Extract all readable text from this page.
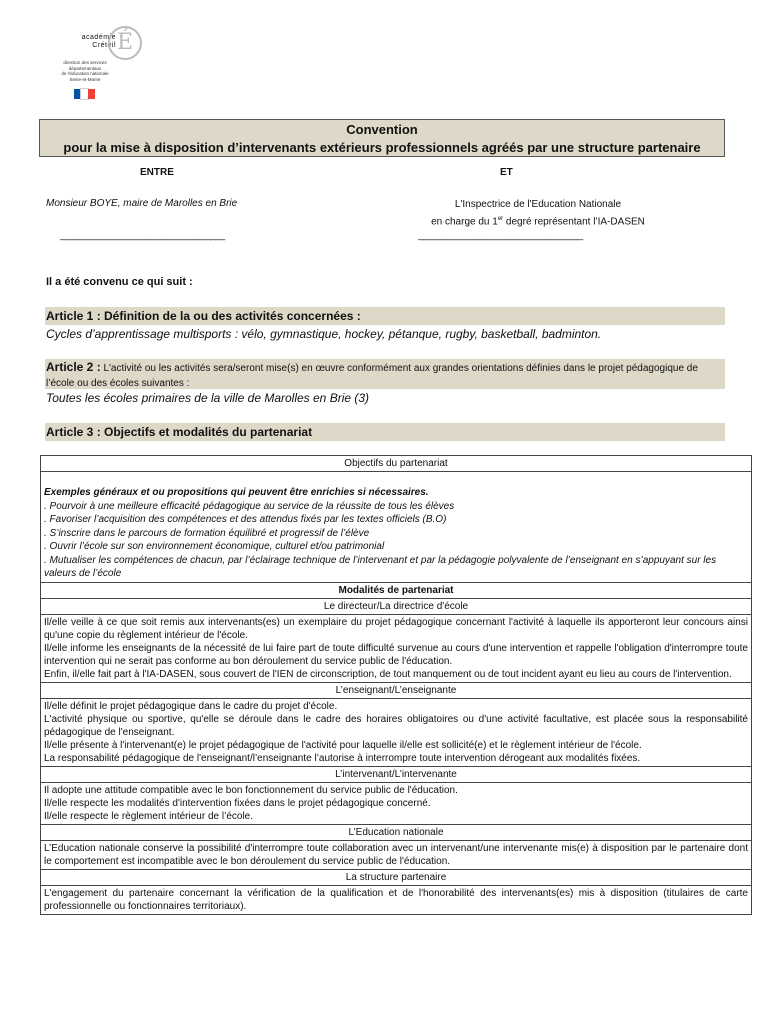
académie
Créteil É
direction des services
départementaux
de l'éducation nationale
Seine-et-Marne
Convention
pour la mise à disposition d’intervenants extérieurs professionnels agréés par une structure partenaire
ENTRE	ET
Monsieur BOYE, maire de Marolles en Brie	L'Inspectrice de l'Education Nationale
en charge du 1er degré représentant l’IA-DASEN
____________________________________	____________________________________
Il a été convenu ce qui suit :
Article 1 : Définition de la ou des activités concernées :
Cycles d’apprentissage multisports : vélo, gymnastique, hockey, pétanque, rugby, basketball, badminton.
Article 2 : L'activité ou les activités sera/seront mise(s) en œuvre conformément aux grandes orientations définies dans le projet pédagogique de l’école ou des écoles suivantes :
Toutes les écoles primaires de la ville de Marolles en Brie (3)
Article 3 : Objectifs et modalités du partenariat
Objectifs du partenariat

Exemples généraux et ou propositions qui peuvent être enrichies si nécessaires.
. Pourvoir à une meilleure efficacité pédagogique au service de la réussite de tous les élèves
. Favoriser l’acquisition des compétences et des attendus fixés par les textes officiels (B.O)
. S’inscrire dans le parcours de formation équilibré et progressif de l’élève
. Ouvrir l’école sur son environnement économique, culturel et/ou patrimonial
. Mutualiser les compétences de chacun, par l’éclairage technique de l’intervenant et par la pédagogie polyvalente de l’enseignant en s’appuyant sur les valeurs de l’école

Modalités de partenariat
Le directeur/La directrice d'école

Il/elle veille à ce que soit remis aux intervenants(es) un exemplaire du projet pédagogique concernant l'activité à laquelle ils apporteront leur concours ainsi qu'une copie du règlement intérieur de l'école.
Il/elle informe les enseignants de la nécessité de lui faire part de toute difficulté survenue au cours d'une intervention et rappelle l'obligation d'interrompre toute intervention qui ne serait pas conforme au bon déroulement du service public de l'éducation.
Enfin, il/elle fait part à l'IA-DASEN, sous couvert de l'IEN de circonscription, de tout manquement ou de tout incident ayant eu lieu au cours de l'intervention.

L’enseignant/L’enseignante

Il/elle définit le projet pédagogique dans le cadre du projet d'école.
L'activité physique ou sportive, qu'elle se déroule dans le cadre des horaires obligatoires ou d'une activité facultative, est placée sous la responsabilité pédagogique de l'enseignant.
Il/elle présente à l'intervenant(e) le projet pédagogique de l'activité pour laquelle il/elle est sollicité(e) et le règlement intérieur de l'école.
La responsabilité pédagogique de l'enseignant/l’enseignante l’autorise à interrompre toute intervention dérogeant aux modalités fixées.

L’intervenant/L’intervenante

Il adopte une attitude compatible avec le bon fonctionnement du service public de l'éducation.
Il/elle respecte les modalités d'intervention fixées dans le projet pédagogique concerné.
Il/elle respecte le règlement intérieur de l’école.

L’Education nationale

L’Education nationale conserve la possibilité d'interrompre toute collaboration avec un intervenant/une intervenante mis(e) à disposition par le partenaire dont le comportement est incompatible avec le bon déroulement du service public de l'éducation.

La structure partenaire

L'engagement du partenaire concernant la vérification de la qualification et de l'honorabilité des intervenants(es) mis à disposition (titulaires de carte professionnelle ou fonctionnaires territoriaux).
